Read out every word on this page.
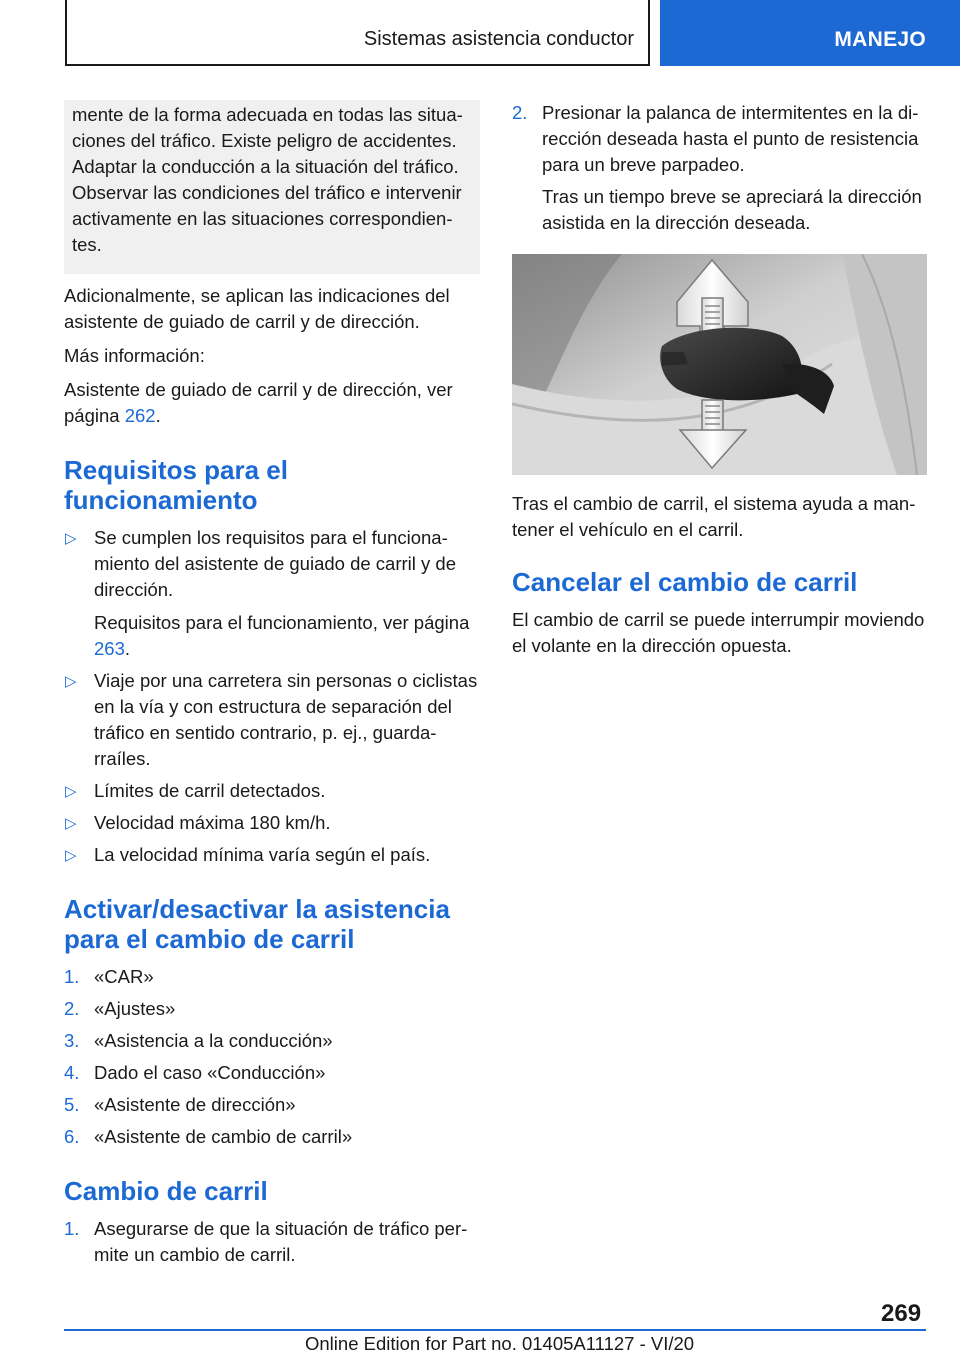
Sistemas asistencia conductor	MANEJO

mente de la forma adecuada en todas las situaciones del tráfico. Existe peligro de accidentes. Adaptar la conducción a la situación del tráfico. Observar las condiciones del tráfico e intervenir activamente en las situaciones correspondientes.

Adicionalmente, se aplican las indicaciones del asistente de guiado de carril y de dirección.

Más información:

Asistente de guiado de carril y de dirección, ver página 262.

Requisitos para el funcionamiento
▷ Se cumplen los requisitos para el funcionamiento del asistente de guiado de carril y de dirección.
Requisitos para el funcionamiento, ver página 263.
▷ Viaje por una carretera sin personas o ciclistas en la vía y con estructura de separación del tráfico en sentido contrario, p. ej., guardarraíles.
▷ Límites de carril detectados.
▷ Velocidad máxima 180 km/h.
▷ La velocidad mínima varía según el país.
Activar/desactivar la asistencia para el cambio de carril
1. «CAR»
2. «Ajustes»
3. «Asistencia a la conducción»
4. Dado el caso «Conducción»
5. «Asistente de dirección»
6. «Asistente de cambio de carril»
Cambio de carril
1. Asegurarse de que la situación de tráfico permite un cambio de carril.
2. Presionar la palanca de intermitentes en la dirección deseada hasta el punto de resistencia para un breve parpadeo.
Tras un tiempo breve se apreciará la dirección asistida en la dirección deseada.

Tras el cambio de carril, el sistema ayuda a mantener el vehículo en el carril.

Cancelar el cambio de carril

El cambio de carril se puede interrumpir moviendo el volante en la dirección opuesta.

269
Online Edition for Part no. 01405A11127 - VI/20
